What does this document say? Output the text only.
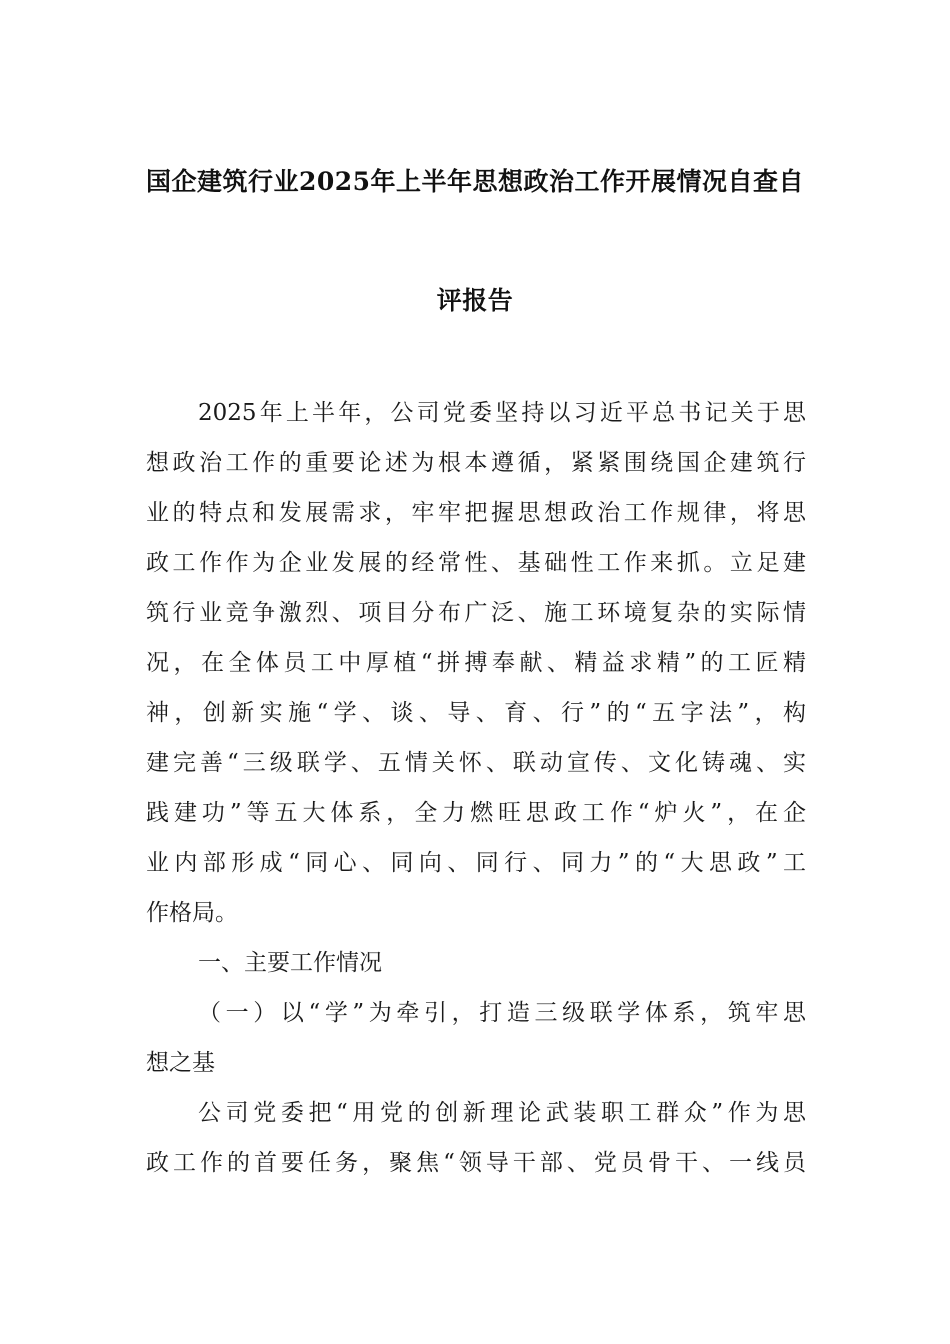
国企建筑行业2025年上半年思想政治工作开展情况自查自
评报告
2025年上半年，公司党委坚持以习近平总书记关于思
想政治工作的重要论述为根本遵循，紧紧围绕国企建筑行
业的特点和发展需求，牢牢把握思想政治工作规律，将思
政工作作为企业发展的经常性、基础性工作来抓。立足建
筑行业竞争激烈、项目分布广泛、施工环境复杂的实际情
况，在全体员工中厚植“拼搏奉献、精益求精”的工匠精
神，创新实施“学、谈、导、育、行”的“五字法”，构
建完善“三级联学、五情关怀、联动宣传、文化铸魂、实
践建功”等五大体系，全力燃旺思政工作“炉火”，在企
业内部形成“同心、同向、同行、同力”的“大思政”工
作格局。
一、主要工作情况
（一）以“学”为牵引，打造三级联学体系，筑牢思
想之基
公司党委把“用党的创新理论武装职工群众”作为思
政工作的首要任务，聚焦“领导干部、党员骨干、一线员
